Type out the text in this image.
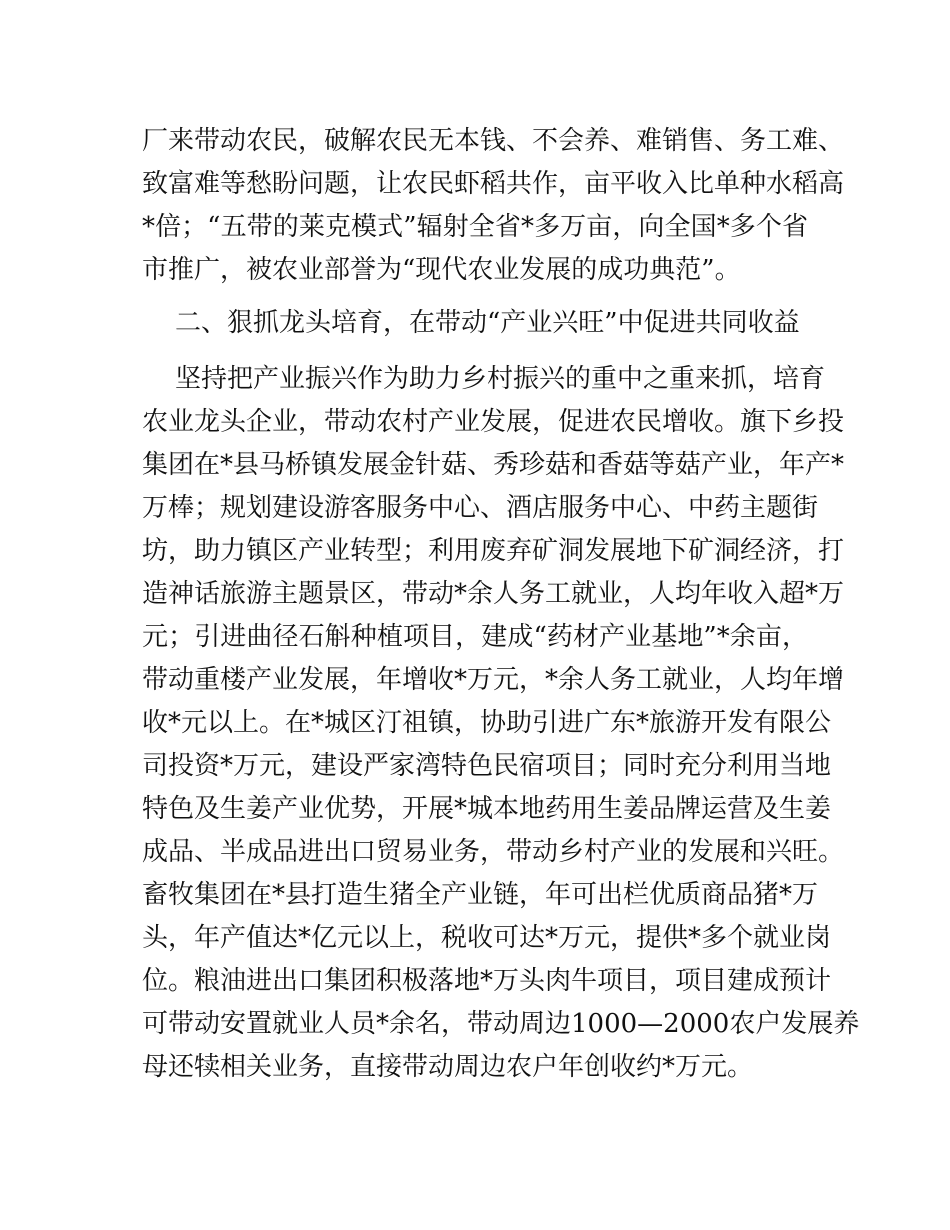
厂来带动农民，破解农民无本钱、不会养、难销售、务工难、
致富难等愁盼问题，让农民虾稻共作，亩平收入比单种水稻高
*倍；“五带的莱克模式”辐射全省*多万亩，向全国*多个省
市推广，被农业部誉为“现代农业发展的成功典范”。
二、狠抓龙头培育，在带动“产业兴旺”中促进共同收益
坚持把产业振兴作为助力乡村振兴的重中之重来抓，培育
农业龙头企业，带动农村产业发展，促进农民增收。旗下乡投
集团在*县马桥镇发展金针菇、秀珍菇和香菇等菇产业，年产*
万棒；规划建设游客服务中心、酒店服务中心、中药主题街
坊，助力镇区产业转型；利用废弃矿洞发展地下矿洞经济，打
造神话旅游主题景区，带动*余人务工就业，人均年收入超*万
元；引进曲径石斛种植项目，建成“药材产业基地”*余亩，
带动重楼产业发展，年增收*万元，*余人务工就业，人均年增
收*元以上。在*城区汀祖镇，协助引进广东*旅游开发有限公
司投资*万元，建设严家湾特色民宿项目；同时充分利用当地
特色及生姜产业优势，开展*城本地药用生姜品牌运营及生姜
成品、半成品进出口贸易业务，带动乡村产业的发展和兴旺。
畜牧集团在*县打造生猪全产业链，年可出栏优质商品猪*万
头，年产值达*亿元以上，税收可达*万元，提供*多个就业岗
位。粮油进出口集团积极落地*万头肉牛项目，项目建成预计
可带动安置就业人员*余名，带动周边1000—2000农户发展养
母还犊相关业务，直接带动周边农户年创收约*万元。
